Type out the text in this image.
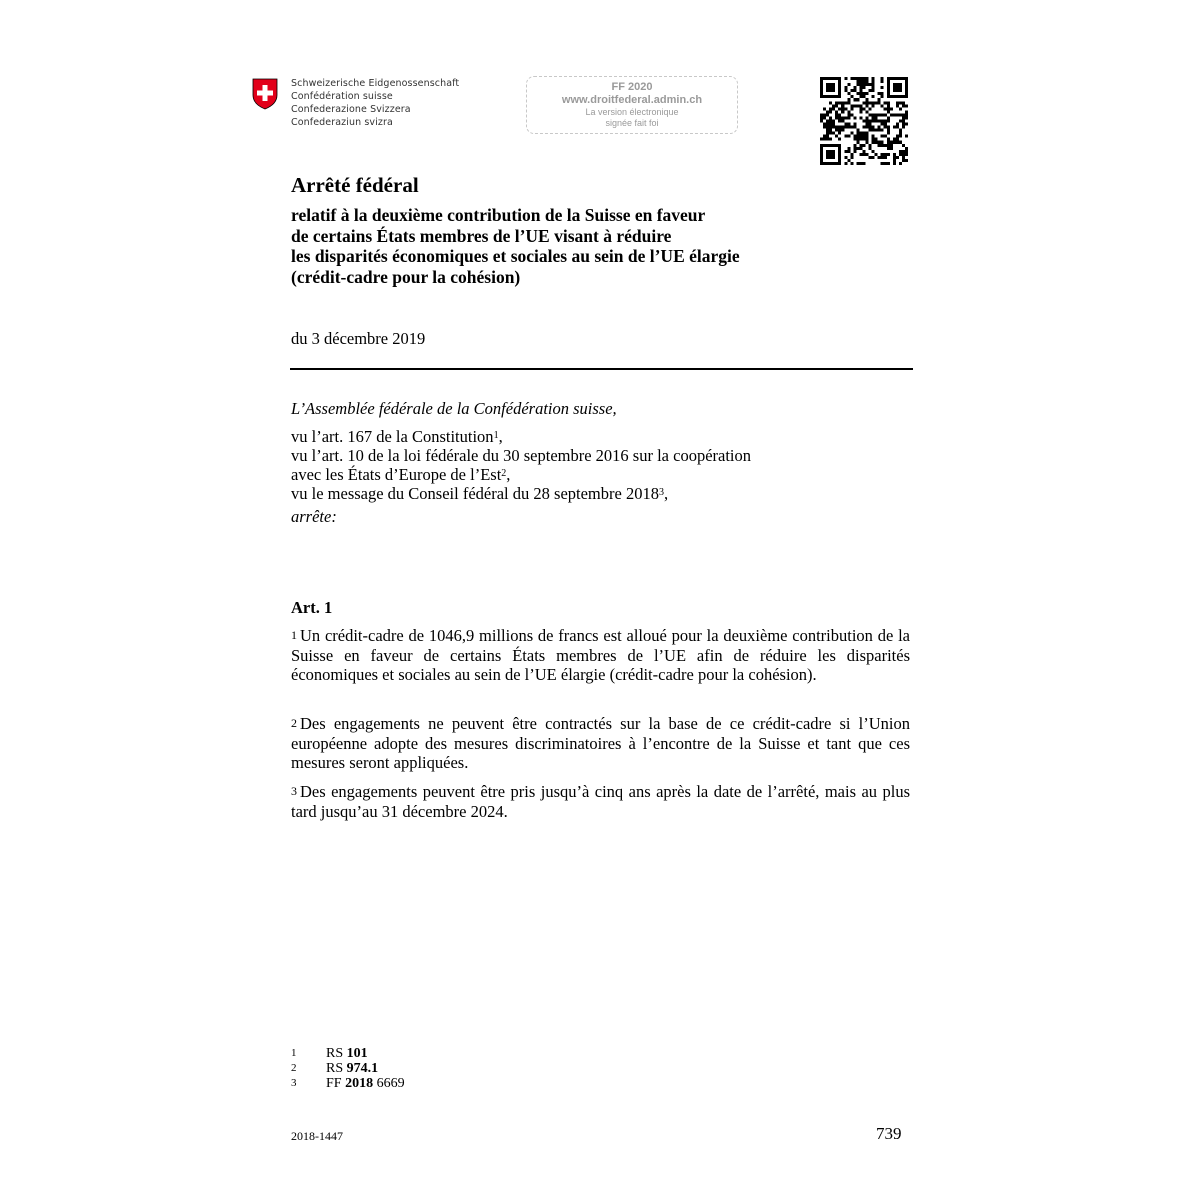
Schweizerische Eidgenossenschaft
Confédération suisse
Confederazione Svizzera
Confederaziun svizra
FF 2020
www.droitfederal.admin.ch
La version électronique
signée fait foi
Arrêté fédéral
relatif à la deuxième contribution de la Suisse en faveur
de certains États membres de l’UE visant à réduire
les disparités économiques et sociales au sein de l’UE élargie
(crédit-cadre pour la cohésion)
du 3 décembre 2019
L’Assemblée fédérale de la Confédération suisse,
vu l’art. 167 de la Constitution$^1$,
vu l’art. 10 de la loi fédérale du 30 septembre 2016 sur la coopération
avec les États d’Europe de l’Est$^2$,
vu le message du Conseil fédéral du 28 septembre 2018$^3$,
arrête:
Art. 1
$^1$ Un crédit-cadre de 1046,9 millions de francs est alloué pour la deuxième contribution de la Suisse en faveur de certains États membres de l’UE afin de réduire les disparités économiques et sociales au sein de l’UE élargie (crédit-cadre pour la cohésion).
$^2$ Des engagements ne peuvent être contractés sur la base de ce crédit-cadre si l’Union européenne adopte des mesures discriminatoires à l’encontre de la Suisse et tant que ces mesures seront appliquées.
$^3$ Des engagements peuvent être pris jusqu’à cinq ans après la date de l’arrêté, mais au plus tard jusqu’au 31 décembre 2024.
1	RS 101
2	RS 974.1
3	FF 2018 6669
2018-1447	739
